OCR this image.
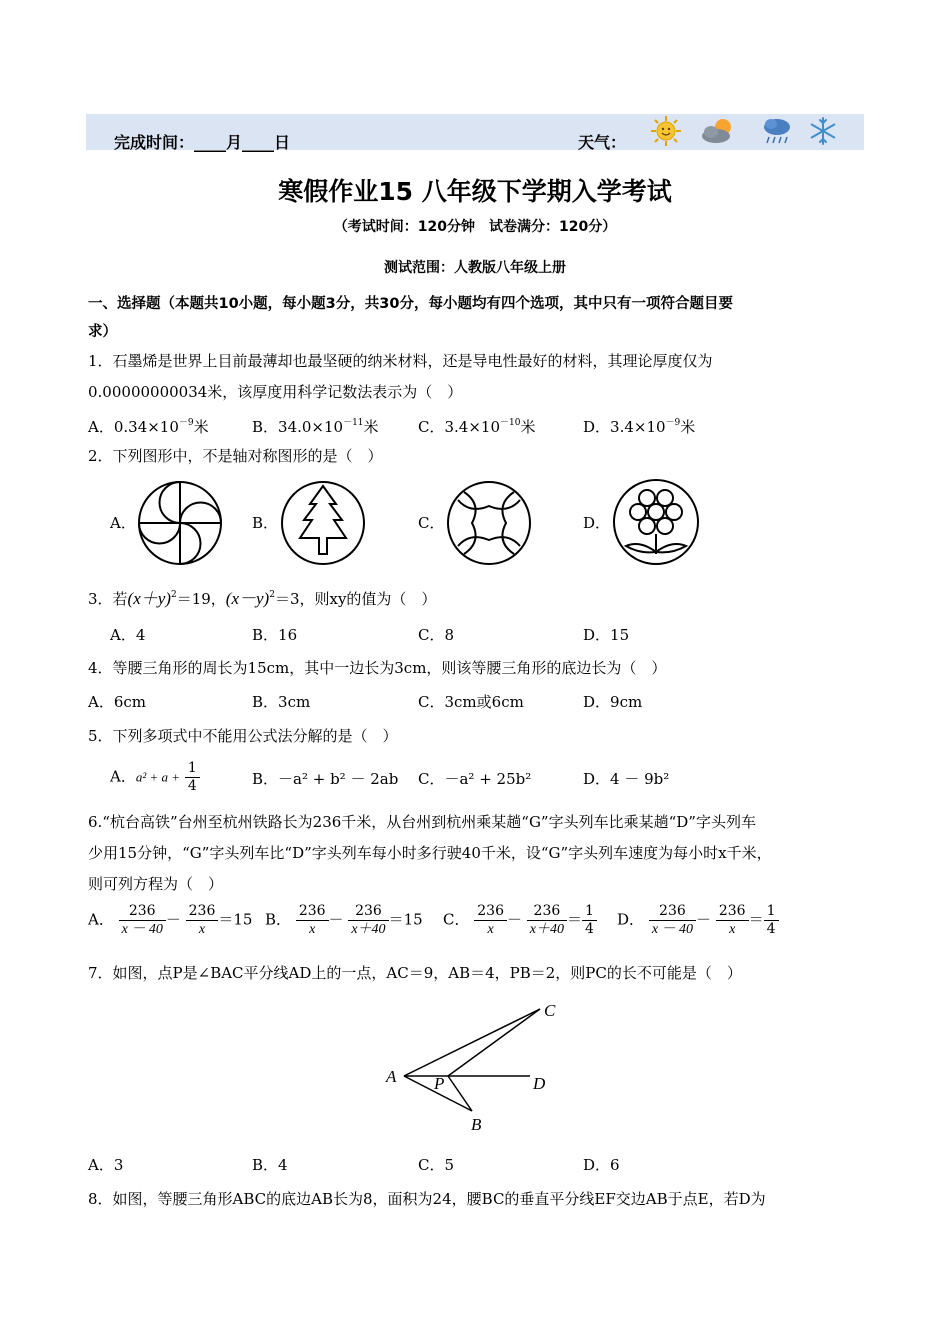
完成时间：____月____日	天气：
寒假作业15 八年级下学期入学考试
（考试时间：120分钟　试卷满分：120分）
测试范围：人教版八年级上册
一、选择题（本题共10小题，每小题3分，共30分，每小题均有四个选项，其中只有一项符合题目要
求）
1．石墨烯是世界上目前最薄却也最坚硬的纳米材料，还是导电性最好的材料，其理论厚度仅为
0.00000000034米，该厚度用科学记数法表示为（　）
A．$0.34\times 10^{-9}$米	B．$34.0\times 10^{-11}$米	C．$3.4\times 10^{-10}$米	D．$3.4\times 10^{-9}$米
2．下列图形中，不是轴对称图形的是（　）
A．	B．	C．	D．
3．若$(x+y)^2=19$，$(x-y)^2=3$，则xy的值为（　）
A．4	B．16	C．8	D．15
4．等腰三角形的周长为15cm，其中一边长为3cm，则该等腰三角形的底边长为（　）
A．6cm	B．3cm	C．3cm或6cm	D．9cm
5．下列多项式中不能用公式法分解的是（　）
A．$a^2 + a + \frac{1}{4}$	B．－a² + b² － 2ab C．－a² + 25b²	D．4 － 9b²
6.“杭台高铁”台州至杭州铁路长为236千米，从台州到杭州乘某趟“G”字头列车比乘某趟“D”字头列车
少用15分钟，“G”字头列车比“D”字头列车每小时多行驶40千米，设“G”字头列车速度为每小时x千米，
则可列方程为（　）
A． $\frac{236}{x - 40} - \frac{236}{x} =15$ B． $\frac{236}{x} - \frac{236}{x+40} =15$ C． $\frac{236}{x} - \frac{236}{x+40} = \frac{1}{4}$ D． $\frac{236}{x - 40} - \frac{236}{x} = \frac{1}{4}$
7．如图，点P是∠BAC平分线AD上的一点，AC＝9，AB＝4，PB＝2，则PC的长不可能是（　）
A P
C
D
B
A．3	B．4	C．5	D．6
8．如图，等腰三角形ABC的底边AB长为8，面积为24，腰BC的垂直平分线EF交边AB于点E，若D为
